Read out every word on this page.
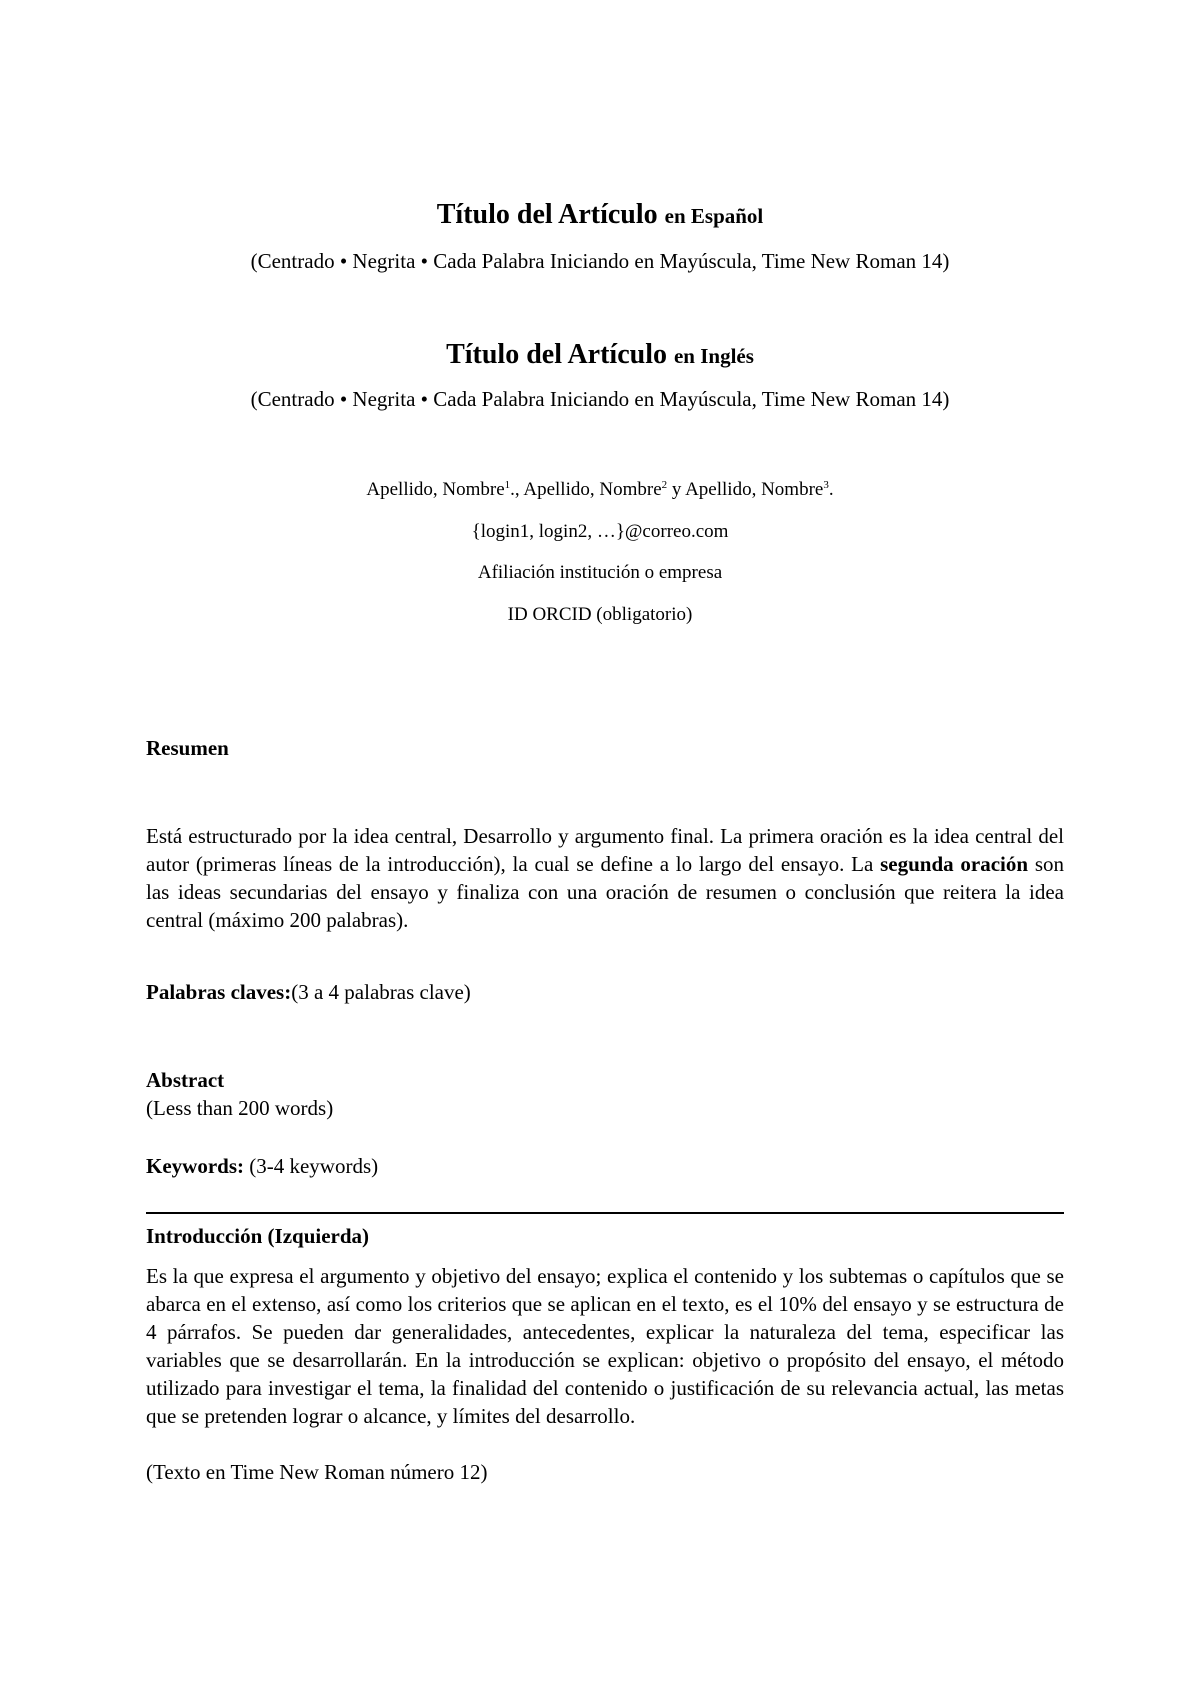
Título del Artículo en Español
(Centrado • Negrita • Cada Palabra Iniciando en Mayúscula, Time New Roman 14)
Título del Artículo en Inglés
(Centrado • Negrita • Cada Palabra Iniciando en Mayúscula, Time New Roman 14)
Apellido, Nombre$^1$., Apellido, Nombre$^2$ y Apellido, Nombre$^3$.
{login1, login2, …}@correo.com
Afiliación institución o empresa
ID ORCID (obligatorio)
Resumen
Está estructurado por la idea central, Desarrollo y argumento final. La primera oración es la idea central del autor (primeras líneas de la introducción), la cual se define a lo largo del ensayo. La segunda oración son las ideas secundarias del ensayo y finaliza con una oración de resumen o conclusión que reitera la idea central (máximo 200 palabras).
Palabras claves:(3 a 4 palabras clave)
Abstract
(Less than 200 words)
Keywords: (3-4 keywords)
Introducción (Izquierda)
Es la que expresa el argumento y objetivo del ensayo; explica el contenido y los subtemas o capítulos que se abarca en el extenso, así como los criterios que se aplican en el texto, es el 10% del ensayo y se estructura de 4 párrafos. Se pueden dar generalidades, antecedentes, explicar la naturaleza del tema, especificar las variables que se desarrollarán. En la introducción se explican: objetivo o propósito del ensayo, el método utilizado para investigar el tema, la finalidad del contenido o justificación de su relevancia actual, las metas que se pretenden lograr o alcance, y límites del desarrollo.
(Texto en Time New Roman número 12)
